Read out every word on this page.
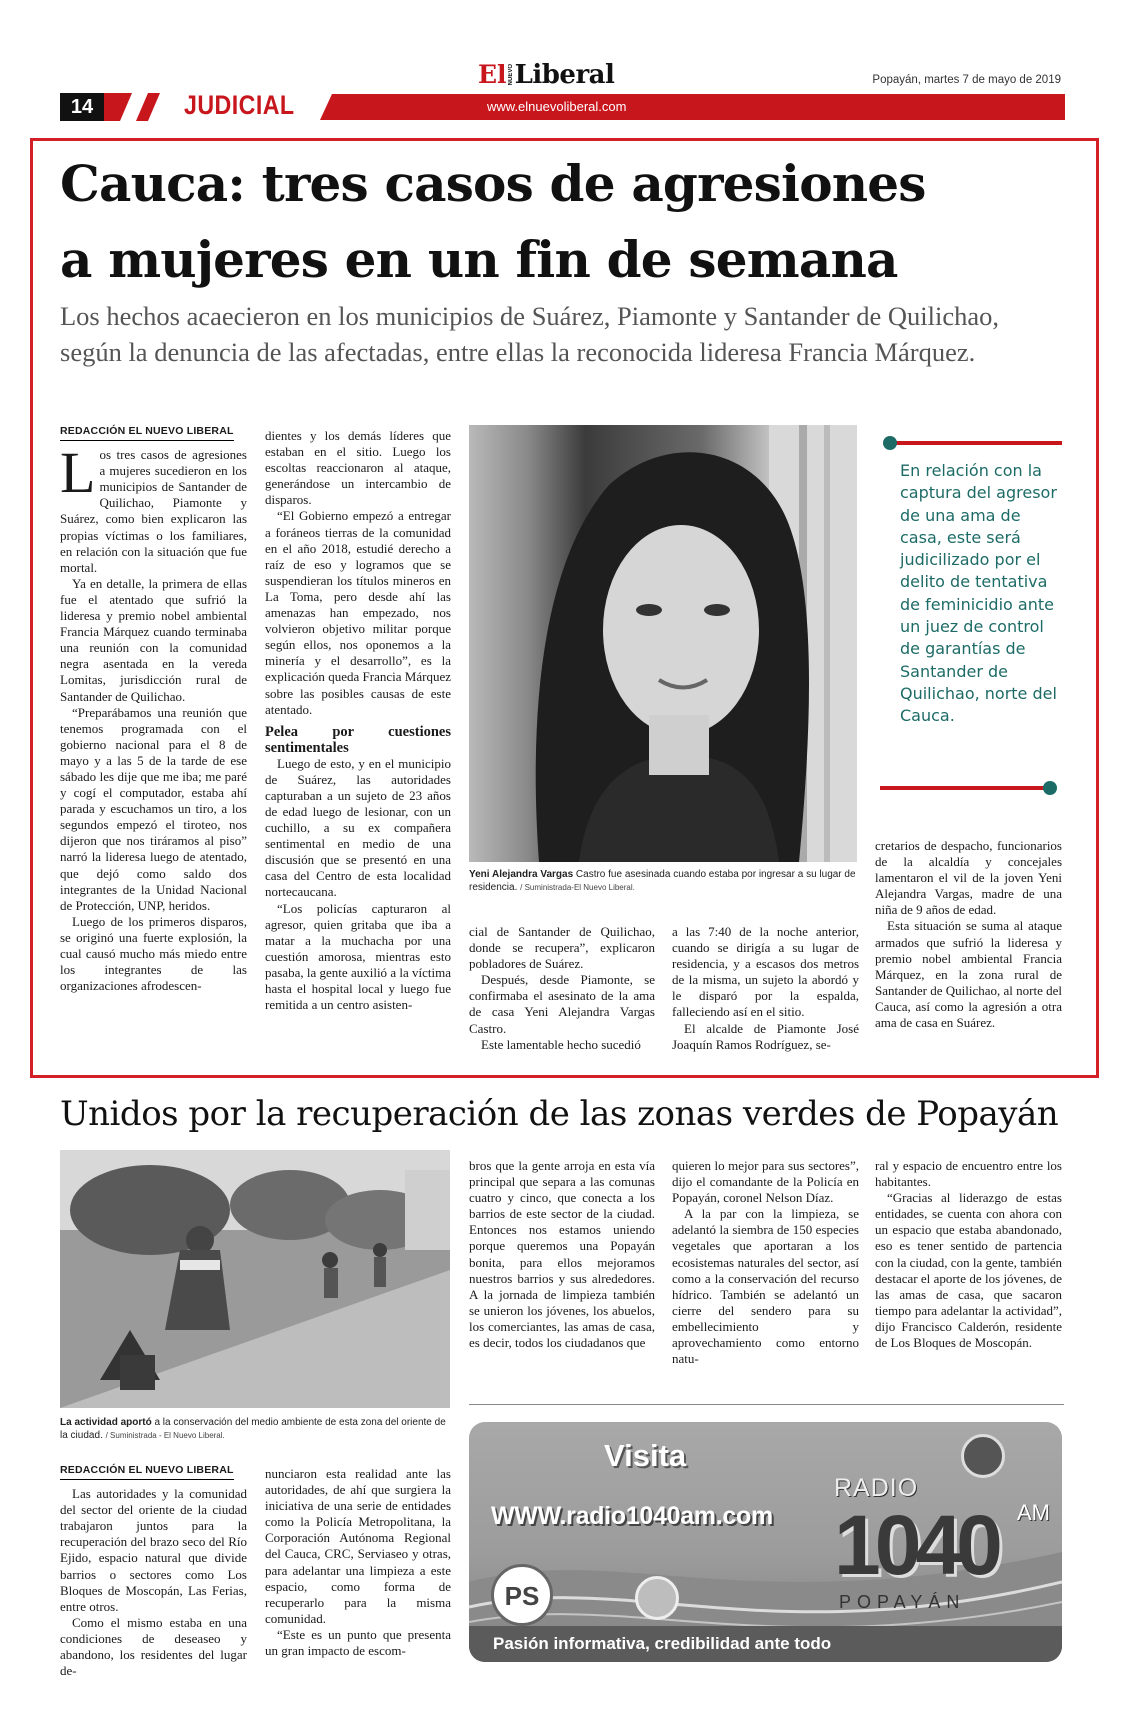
14	JUDICIAL	www.elnuevoliberal.com
El NUEVO Liberal	Popayán, martes 7 de mayo de 2019
Cauca: tres casos de agresiones
a mujeres en un fin de semana
Los hechos acaecieron en los municipios de Suárez, Piamonte y Santander de Quilichao, según la denuncia de las afectadas, entre ellas la reconocida lideresa Francia Márquez.
REDACCIÓN EL NUEVO LIBERAL

Los tres casos de agresiones a mujeres sucedieron en los municipios de Santander de Quilichao, Piamonte y Suárez, como bien explicaron las propias víctimas o los familiares, en relación con la situación que fue mortal.

Ya en detalle, la primera de ellas fue el atentado que sufrió la lideresa y premio nobel ambiental Francia Márquez cuando terminaba una reunión con la comunidad negra asentada en la vereda Lomitas, jurisdicción rural de Santander de Quilichao.

“Preparábamos una reunión que tenemos programada con el gobierno nacional para el 8 de mayo y a las 5 de la tarde de ese sábado les dije que me iba; me paré y cogí el computador, estaba ahí parada y escuchamos un tiro, a los segundos empezó el tiroteo, nos dijeron que nos tiráramos al piso” narró la lideresa luego de atentado, que dejó como saldo dos integrantes de la Unidad Nacional de Protección, UNP, heridos.

Luego de los primeros disparos, se originó una fuerte explosión, la cual causó mucho más miedo entre los integrantes de las organizaciones afrodescen-

dientes y los demás líderes que estaban en el sitio. Luego los escoltas reaccionaron al ataque, generándose un intercambio de disparos.

“El Gobierno empezó a entregar a foráneos tierras de la comunidad en el año 2018, estudié derecho a raíz de eso y logramos que se suspendieran los títulos mineros en La Toma, pero desde ahí las amenazas han empezado, nos volvieron objetivo militar porque según ellos, nos oponemos a la minería y el desarrollo”, es la explicación queda Francia Márquez sobre las posibles causas de este atentado.

Pelea por cuestiones sentimentales

Luego de esto, y en el municipio de Suárez, las autoridades capturaban a un sujeto de 23 años de edad luego de lesionar, con un cuchillo, a su ex compañera sentimental en medio de una discusión que se presentó en una casa del Centro de esta localidad nortecaucana.

“Los policías capturaron al agresor, quien gritaba que iba a matar a la muchacha por una cuestión amorosa, mientras esto pasaba, la gente auxilió a la víctima hasta el hospital local y luego fue remitida a un centro asisten-

Yeni Alejandra Vargas Castro fue asesinada cuando estaba por ingresar a su lugar de residencia. / Suministrada-El Nuevo Liberal.
En relación con la captura del agresor de una ama de casa, este será judicilizado por el delito de tentativa de feminicidio ante un juez de control de garantías de Santander de Quilichao, norte del Cauca.

cial de Santander de Quilichao, donde se recupera”, explicaron pobladores de Suárez.

Después, desde Piamonte, se confirmaba el asesinato de la ama de casa Yeni Alejandra Vargas Castro.

Este lamentable hecho sucedió

a las 7:40 de la noche anterior, cuando se dirigía a su lugar de residencia, y a escasos dos metros de la misma, un sujeto la abordó y le disparó por la espalda, falleciendo así en el sitio.

El alcalde de Piamonte José Joaquín Ramos Rodríguez, se-

cretarios de despacho, funcionarios de la alcaldía y concejales lamentaron el vil de la joven Yeni Alejandra Vargas, madre de una niña de 9 años de edad.

Esta situación se suma al ataque armados que sufrió la lideresa y premio nobel ambiental Francia Márquez, en la zona rural de Santander de Quilichao, al norte del Cauca, así como la agresión a otra ama de casa en Suárez.

Unidos por la recuperación de las zonas verdes de Popayán
La actividad aportó a la conservación del medio ambiente de esta zona del oriente de la ciudad. / Suministrada - El Nuevo Liberal.
REDACCIÓN EL NUEVO LIBERAL

Las autoridades y la comunidad del sector del oriente de la ciudad trabajaron juntos para la recuperación del brazo seco del Río Ejido, espacio natural que divide barrios o sectores como Los Bloques de Moscopán, Las Ferias, entre otros.

Como el mismo estaba en una condiciones de deseaseo y abandono, los residentes del lugar de-

nunciaron esta realidad ante las autoridades, de ahí que surgiera la iniciativa de una serie de entidades como la Policía Metropolitana, la Corporación Autónoma Regional del Cauca, CRC, Serviaseo y otras, para adelantar una limpieza a este espacio, como forma de recuperarlo para la misma comunidad.

“Este es un punto que presenta un gran impacto de escom-

bros que la gente arroja en esta vía principal que separa a las comunas cuatro y cinco, que conecta a los barrios de este sector de la ciudad. Entonces nos estamos uniendo porque queremos una Popayán bonita, para ellos mejoramos nuestros barrios y sus alrededores. A la jornada de limpieza también se unieron los jóvenes, los abuelos, los comerciantes, las amas de casa, es decir, todos los ciudadanos que

quieren lo mejor para sus sectores”, dijo el comandante de la Policía en Popayán, coronel Nelson Díaz.

A la par con la limpieza, se adelantó la siembra de 150 especies vegetales que aportaran a los ecosistemas naturales del sector, así como a la conservación del recurso hídrico. También se adelantó un cierre del sendero para su embellecimiento y aprovechamiento como entorno natu-

ral y espacio de encuentro entre los habitantes.

“Gracias al liderazgo de estas entidades, se cuenta con ahora con un espacio que estaba abandonado, eso es tener sentido de partencia con la ciudad, con la gente, también destacar el aporte de los jóvenes, de las amas de casa, que sacaron tiempo para adelantar la actividad”, dijo Francisco Calderón, residente de Los Bloques de Moscopán.

Visita
WWW.radio1040am.com
RADIO
1040 AM
POPAYÁN
PS
Pasión informativa, credibilidad ante todo
